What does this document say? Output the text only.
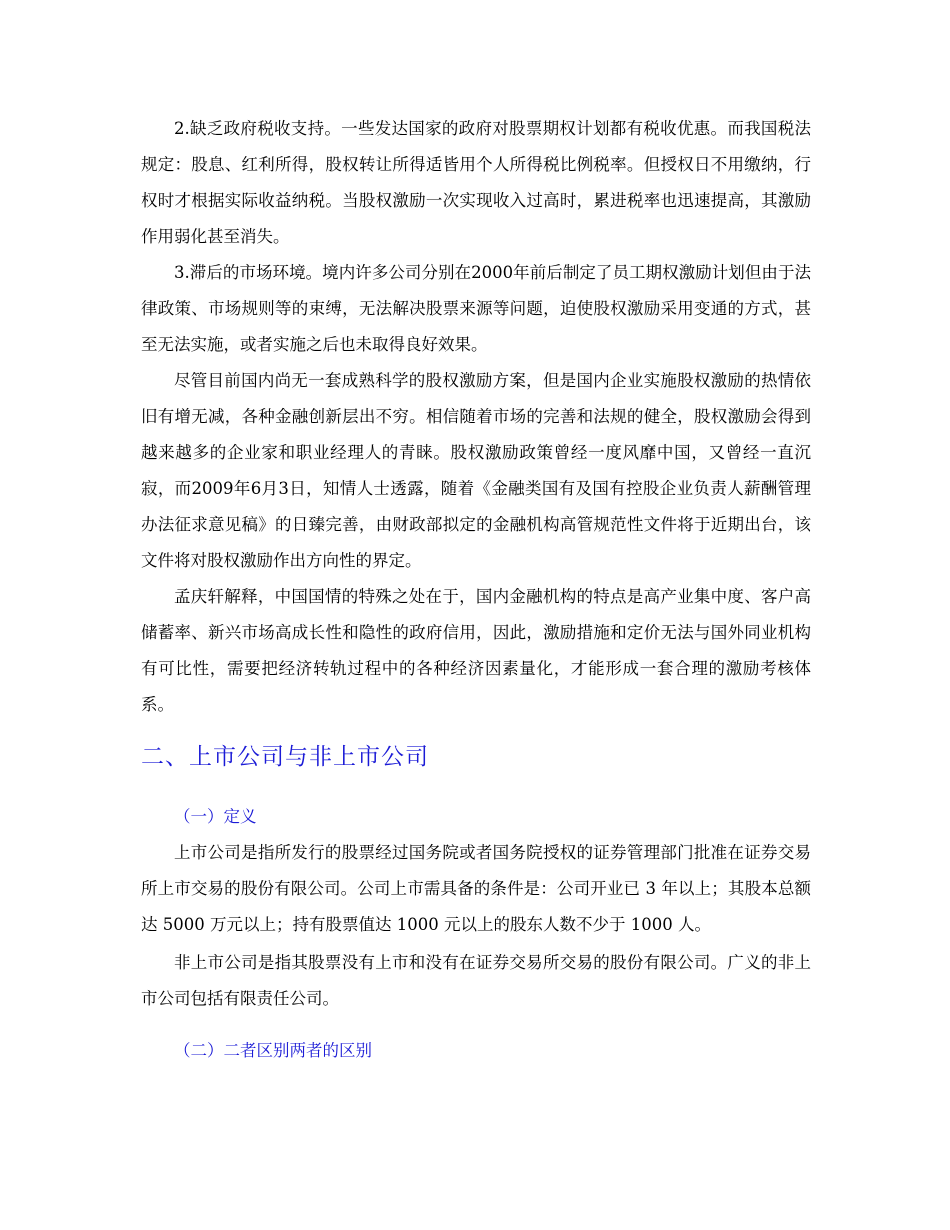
2.缺乏政府税收支持。一些发达国家的政府对股票期权计划都有税收优惠。而我国税法规定：股息、红利所得，股权转让所得适皆用个人所得税比例税率。但授权日不用缴纳，行权时才根据实际收益纳税。当股权激励一次实现收入过高时，累进税率也迅速提高，其激励作用弱化甚至消失。

3.滞后的市场环境。境内许多公司分别在2000年前后制定了员工期权激励计划但由于法律政策、市场规则等的束缚，无法解决股票来源等问题，迫使股权激励采用变通的方式，甚至无法实施，或者实施之后也未取得良好效果。

尽管目前国内尚无一套成熟科学的股权激励方案，但是国内企业实施股权激励的热情依旧有增无减，各种金融创新层出不穷。相信随着市场的完善和法规的健全，股权激励会得到越来越多的企业家和职业经理人的青睐。股权激励政策曾经一度风靡中国，又曾经一直沉寂，而2009年6月3日，知情人士透露，随着《金融类国有及国有控股企业负责人薪酬管理办法征求意见稿》的日臻完善，由财政部拟定的金融机构高管规范性文件将于近期出台，该文件将对股权激励作出方向性的界定。

孟庆轩解释，中国国情的特殊之处在于，国内金融机构的特点是高产业集中度、客户高储蓄率、新兴市场高成长性和隐性的政府信用，因此，激励措施和定价无法与国外同业机构有可比性，需要把经济转轨过程中的各种经济因素量化，才能形成一套合理的激励考核体系。

二、上市公司与非上市公司
（一）定义

上市公司是指所发行的股票经过国务院或者国务院授权的证券管理部门批准在证券交易所上市交易的股份有限公司。公司上市需具备的条件是：公司开业已 3 年以上；其股本总额达 5000 万元以上；持有股票值达 1000 元以上的股东人数不少于 1000 人。

非上市公司是指其股票没有上市和没有在证券交易所交易的股份有限公司。广义的非上市公司包括有限责任公司。

（二）二者区别两者的区别
